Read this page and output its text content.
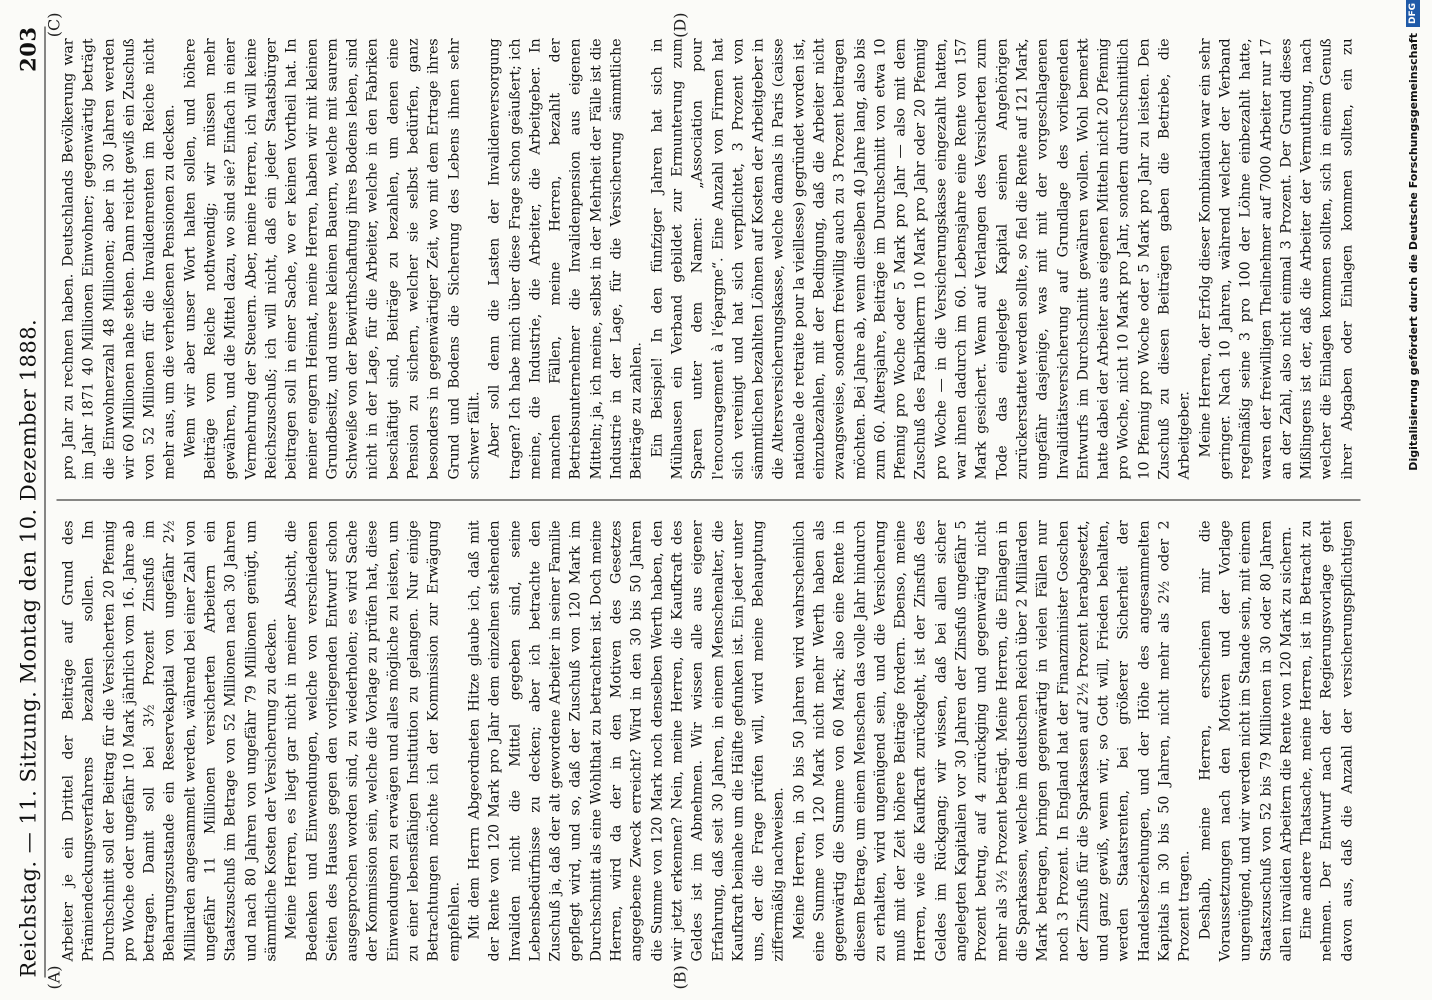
Reichstag. — 11. Sitzung. Montag den 10. Dezember 1888.
203
(A)	(B)
(C)	(D)

Arbeiter je ein Drittel der Beiträge auf Grund des Prämiendeckungsverfahrens bezahlen sollen. Im Durchschnitt soll der Beitrag für die Versicherten 20 Pfennig pro Woche oder ungefähr 10 Mark jährlich vom 16. Jahre ab betragen. Damit soll bei 3½ Prozent Zinsfuß im Beharrungszustande ein Reservekapital von ungefähr 2½ Milliarden angesammelt werden, während bei einer Zahl von ungefähr 11 Millionen versicherten Arbeitern ein Staatszuschuß im Betrage von 52 Millionen nach 30 Jahren und nach 80 Jahren von ungefähr 79 Millionen genügt, um sämmtliche Kosten der Versicherung zu decken. Meine Herren, es liegt gar nicht in meiner Absicht, die Bedenken und Einwendungen, welche von verschiedenen Seiten des Hauses gegen den vorliegenden Entwurf schon ausgesprochen worden sind, zu wiederholen; es wird Sache der Kommission sein, welche die Vorlage zu prüfen hat, diese Einwendungen zu erwägen und alles mögliche zu leisten, um zu einer lebensfähigen Institution zu gelangen. Nur einige Betrachtungen möchte ich der Kommission zur Erwägung empfehlen. Mit dem Herrn Abgeordneten Hitze glaube ich, daß mit der Rente von 120 Mark pro Jahr dem einzelnen stehenden Invaliden nicht die Mittel gegeben sind, seine Lebensbedürfnisse zu decken; aber ich betrachte den Zuschuß ja, daß der alt gewordene Arbeiter in seiner Familie gepflegt wird, und so, daß der Zuschuß von 120 Mark im Durchschnitt als eine Wohlthat zu betrachten ist. Doch meine Herren, wird da der in den Motiven des Gesetzes angegebene Zweck erreicht? Wird in den 30 bis 50 Jahren die Summe von 120 Mark noch denselben Werth haben, den wir jetzt erkennen? Nein, meine Herren, die Kaufkraft des Geldes ist im Abnehmen. Wir wissen alle aus eigener Erfahrung, daß seit 30 Jahren, in einem Menschenalter, die Kaufkraft beinahe um die Hälfte gefunken ist. Ein jeder unter uns, der die Frage prüfen will, wird meine Behauptung ziffermäßig nachweisen. Meine Herren, in 30 bis 50 Jahren wird wahrscheinlich eine Summe von 120 Mark nicht mehr Werth haben als gegenwärtig die Summe von 60 Mark; also eine Rente in diesem Betrage, um einem Menschen das volle Jahr hindurch zu erhalten, wird ungenügend sein, und die Versicherung muß mit der Zeit höhere Beiträge fordern. Ebenso, meine Herren, wie die Kaufkraft zurückgeht, ist der Zinsfuß des Geldes im Rückgang; wir wissen, daß bei allen sicher angelegten Kapitalien vor 30 Jahren der Zinsfuß ungefähr 5 Prozent betrug, auf 4 zurückging und gegenwärtig nicht mehr als 3½ Prozent beträgt. Meine Herren, die Einlagen in die Sparkassen, welche im deutschen Reich über 2 Milliarden Mark betragen, bringen gegenwärtig in vielen Fällen nur noch 3 Prozent. In England hat der Finanzminister Goschen der Zinsfuß für die Sparkassen auf 2½ Prozent herabgesetzt, und ganz gewiß, wenn wir, so Gott will, Frieden behalten, werden Staatsrenten, bei größerer Sicherheit der Handelsbeziehungen, und der Höhe des angesammelten Kapitals in 30 bis 50 Jahren, nicht mehr als 2½ oder 2 Prozent tragen. Deshalb, meine Herren, erscheinen mir die Voraussetzungen nach den Motiven und der Vorlage ungenügend, und wir werden nicht im Stande sein, mit einem Staatszuschuß von 52 bis 79 Millionen in 30 oder 80 Jahren allen invaliden Arbeitern die Rente von 120 Mark zu sichern. Eine andere Thatsache, meine Herren, ist in Betracht zu nehmen. Der Entwurf nach der Regierungsvorlage geht davon aus, daß die Anzahl der versicherungspflichtigen

pro Jahr zu rechnen haben. Deutschlands Bevölkerung war im Jahr 1871 40 Millionen Einwohner; gegenwärtig beträgt die Einwohnerzahl 48 Millionen; aber in 30 Jahren werden wir 60 Millionen nahe stehen. Dann reicht gewiß ein Zuschuß von 52 Millionen für die Invalidenrenten im Reiche nicht mehr aus, um die verheißenen Pensionen zu decken. Wenn wir aber unser Wort halten sollen, und höhere Beiträge vom Reiche nothwendig; wir müssen mehr gewähren, und die Mittel dazu, wo sind sie? Einfach in einer Vermehrung der Steuern. Aber, meine Herren, ich will keine Reichszuschuß; ich will nicht, daß ein jeder Staatsbürger beitragen soll in einer Sache, wo er keinen Vortheil hat. In meiner engern Heimat, meine Herren, haben wir mit kleinen Grundbesitz, und unsere kleinen Bauern, welche mit saurem Schweiße von der Bewirthschaftung ihres Bodens leben, sind nicht in der Lage, für die Arbeiter, welche in den Fabriken beschäftigt sind, Beiträge zu bezahlen, um denen eine Pension zu sichern, welcher sie selbst bedürfen, ganz besonders in gegenwärtiger Zeit, wo mit dem Ertrage ihres Grund und Bodens die Sicherung des Lebens ihnen sehr schwer fällt. Aber soll denn die Lasten der Invalidenversorgung tragen? Ich habe mich über diese Frage schon geäußert; ich meine, die Industrie, die Arbeiter, die Arbeitgeber. In manchen Fällen, meine Herren, bezahlt der Betriebsunternehmer die Invalidenpension aus eigenen Mitteln; ja, ich meine, selbst in der Mehrheit der Fälle ist die Industrie in der Lage, für die Versicherung sämmtliche Beiträge zu zahlen. Ein Beispiel! In den fünfziger Jahren hat sich in Mülhausen ein Verband gebildet zur Ermunterung zum Sparen unter dem Namen: „Association pour l'encouragement à l'épargne“. Eine Anzahl von Firmen hat sich vereinigt und hat sich verpflichtet, 3 Prozent von sämmtlichen bezahlten Löhnen auf Kosten der Arbeitgeber in die Altersversicherungskasse, welche damals in Paris (caisse nationale de retraite pour la vieillesse) gegründet worden ist, einzubezahlen, mit der Bedingung, daß die Arbeiter nicht zwangsweise, sondern freiwillig auch zu 3 Prozent beitragen möchten. Bei Jahre ab, wenn dieselben 40 Jahre lang, also bis zum 60. Altersjahre, Beiträge im Durchschnitt von etwa 10 Pfennig pro Woche oder 5 Mark pro Jahr — also mit dem Zuschuß des Fabrikherrn 10 Mark pro Jahr oder 20 Pfennig pro Woche — in die Versicherungskasse eingezahlt hatten, war ihnen dadurch im 60. Lebensjahre eine Rente von 157 Mark gesichert. Wenn auf Verlangen des Versicherten zum Tode das eingelegte Kapital seinen Angehörigen zurückerstattet werden sollte, so fiel die Rente auf 121 Mark, ungefähr dasjenige, was mit mit der vorgeschlagenen Invaliditätsversicherung auf Grundlage des vorliegenden Entwurfs im Durchschnitt gewähren wollen. Wohl bemerkt hatte dabei der Arbeiter aus eigenen Mitteln nicht 20 Pfennig pro Woche, nicht 10 Mark pro Jahr, sondern durchschnittlich 10 Pfennig pro Woche oder 5 Mark pro Jahr zu leisten. Den Zuschuß zu diesen Beiträgen gaben die Betriebe, die Arbeitgeber. Meine Herren, der Erfolg dieser Kombination war ein sehr geringer. Nach 10 Jahren, während welcher der Verband regelmäßig seine 3 pro 100 der Löhne einbezahlt hatte, waren der freiwilligen Theilnehmer auf 7000 Arbeiter nur 17 an der Zahl, also nicht einmal 3 Prozent. Der Grund dieses Mißlingens ist der, daß die Arbeiter der Vermuthung, nach welcher die Einlagen kommen sollten, sich in einem Genuß ihrer Abgaben oder Einlagen kommen sollten, ein zu	Digitalisierung gefördert durch die Deutsche Forschungsgemeinschaft
DFG
